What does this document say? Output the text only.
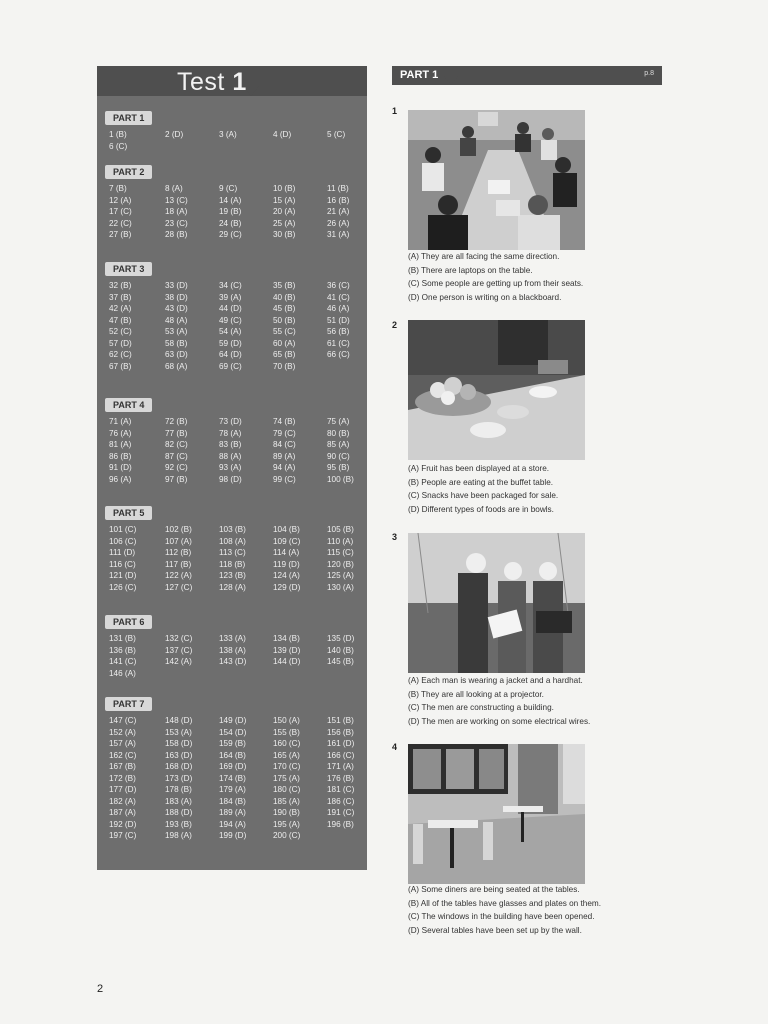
Test 1
PART 1
1 (B)	2 (D)	3 (A)	4 (D)	5 (C)
6 (C)
PART 2
7 (B)	8 (A)	9 (C)	10 (B)	11 (B)
12 (A)	13 (C)	14 (A)	15 (A)	16 (B)
17 (C)	18 (A)	19 (B)	20 (A)	21 (A)
22 (C)	23 (C)	24 (B)	25 (A)	26 (A)
27 (B)	28 (B)	29 (C)	30 (B)	31 (A)
PART 3
32 (B)	33 (D)	34 (C)	35 (B)	36 (C)
37 (B)	38 (D)	39 (A)	40 (B)	41 (C)
42 (A)	43 (D)	44 (D)	45 (B)	46 (A)
47 (B)	48 (A)	49 (C)	50 (B)	51 (D)
52 (C)	53 (A)	54 (A)	55 (C)	56 (B)
57 (D)	58 (B)	59 (D)	60 (A)	61 (C)
62 (C)	63 (D)	64 (D)	65 (B)	66 (C)
67 (B)	68 (A)	69 (C)	70 (B)
PART 4
71 (A)	72 (B)	73 (D)	74 (B)	75 (A)
76 (A)	77 (B)	78 (A)	79 (C)	80 (B)
81 (A)	82 (C)	83 (B)	84 (C)	85 (A)
86 (B)	87 (C)	88 (A)	89 (A)	90 (C)
91 (D)	92 (C)	93 (A)	94 (A)	95 (B)
96 (A)	97 (B)	98 (D)	99 (C)	100 (B)
PART 5
101 (C)	102 (B)	103 (B)	104 (B)	105 (B)
106 (C)	107 (A)	108 (A)	109 (C)	110 (A)
111 (D)	112 (B)	113 (C)	114 (A)	115 (C)
116 (C)	117 (B)	118 (B)	119 (D)	120 (B)
121 (D)	122 (A)	123 (B)	124 (A)	125 (A)
126 (C)	127 (C)	128 (A)	129 (D)	130 (A)
PART 6
131 (B)	132 (C)	133 (A)	134 (B)	135 (D)
136 (B)	137 (C)	138 (A)	139 (D)	140 (B)
141 (C)	142 (A)	143 (D)	144 (D)	145 (B)
146 (A)
PART 7
147 (C)	148 (D)	149 (D)	150 (A)	151 (B)
152 (A)	153 (A)	154 (D)	155 (B)	156 (B)
157 (A)	158 (D)	159 (B)	160 (C)	161 (D)
162 (C)	163 (D)	164 (B)	165 (A)	166 (C)
167 (B)	168 (D)	169 (D)	170 (C)	171 (A)
172 (B)	173 (D)	174 (B)	175 (A)	176 (B)
177 (D)	178 (B)	179 (A)	180 (C)	181 (C)
182 (A)	183 (A)	184 (B)	185 (A)	186 (C)
187 (A)	188 (D)	189 (A)	190 (B)	191 (C)
192 (D)	193 (B)	194 (A)	195 (A)	196 (B)
197 (C)	198 (A)	199 (D)	200 (C)
PART 1	p.8
1
(A) They are all facing the same direction.
(B) There are laptops on the table.
(C) Some people are getting up from their seats.
(D) One person is writing on a blackboard.
2
(A) Fruit has been displayed at a store.
(B) People are eating at the buffet table.
(C) Snacks have been packaged for sale.
(D) Different types of foods are in bowls.
3
(A) Each man is wearing a jacket and a hardhat.
(B) They are all looking at a projector.
(C) The men are constructing a building.
(D) The men are working on some electrical wires.
4
(A) Some diners are being seated at the tables.
(B) All of the tables have glasses and plates on them.
(C) The windows in the building have been opened.
(D) Several tables have been set up by the wall.
2
